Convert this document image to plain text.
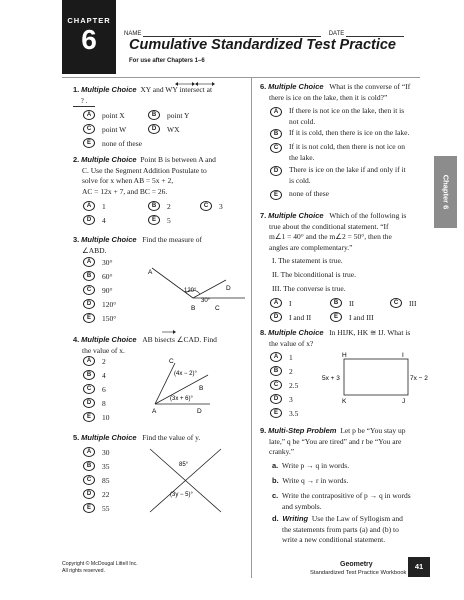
CHAPTER
6	NAME	DATE
Cumulative Standardized Test Practice
For use after Chapters 1–6
Chapter 6
1. Multiple Choice XY and WY intersect at
? .
A	point X	B	point Y
C	point W	D	WX
E	none of these
2. Multiple Choice Point B is between A and
C. Use the Segment Addition Postulate to
solve for x when AB = 5x + 2,
AC = 12x + 7, and BC = 26.
A	1	B	2	C	3
D	4	E	5
3. Multiple Choice Find the measure of
∠ABD.
A	30°
B	60°
C	90°
D	120°
E	150°
A
B	C
D
120°
30°
4. Multiple Choice AB bisects ∠CAD. Find
the value of x.
A	2
B	4
C	6
D	8
E	10
A
C
B
D
(4x − 2)°
(3x + 6)°
5. Multiple Choice Find the value of y.
A	30
B	35
C	85
D	22
E	55
85°
(3y − 5)°
6. Multiple Choice What is the converse of “If
there is ice on the lake, then it is cold?”
A If there is not ice on the lake, then it is
not cold.
B If it is cold, then there is ice on the lake.
C If it is not cold, then there is not ice on
the lake.
D There is ice on the lake if and only if it
is cold.
E none of these
7. Multiple Choice Which of the following is
true about the conditional statement. “If
m∠1 = 40° and the m∠2 = 50°, then the
angles are complementary.”
I. The statement is true.
II. The biconditional is true.
III. The converse is true.
A	I	B	II	C	III
D	I and II	E	I and III
8. Multiple Choice In HIJK, HK ≅ IJ. What is
the value of x?
A	1
B	2
C	2.5
D	3
E	3.5
H	I
K	J
5x + 3	7x − 2
9. Multi-Step Problem Let p be “You stay up
late,” q be “You are tired” and r be “You are
cranky.”
a. Write p → q in words.
b. Write q → r in words.
c. Write the contrapositive of p → q in words
and symbols.
d. Writing Use the Law of Syllogism and
the statements from parts (a) and (b) to
write a new conditional statement.
Copyright © McDougal Littell Inc.
All rights reserved.
Geometry
Standardized Test Practice Workbook
41
